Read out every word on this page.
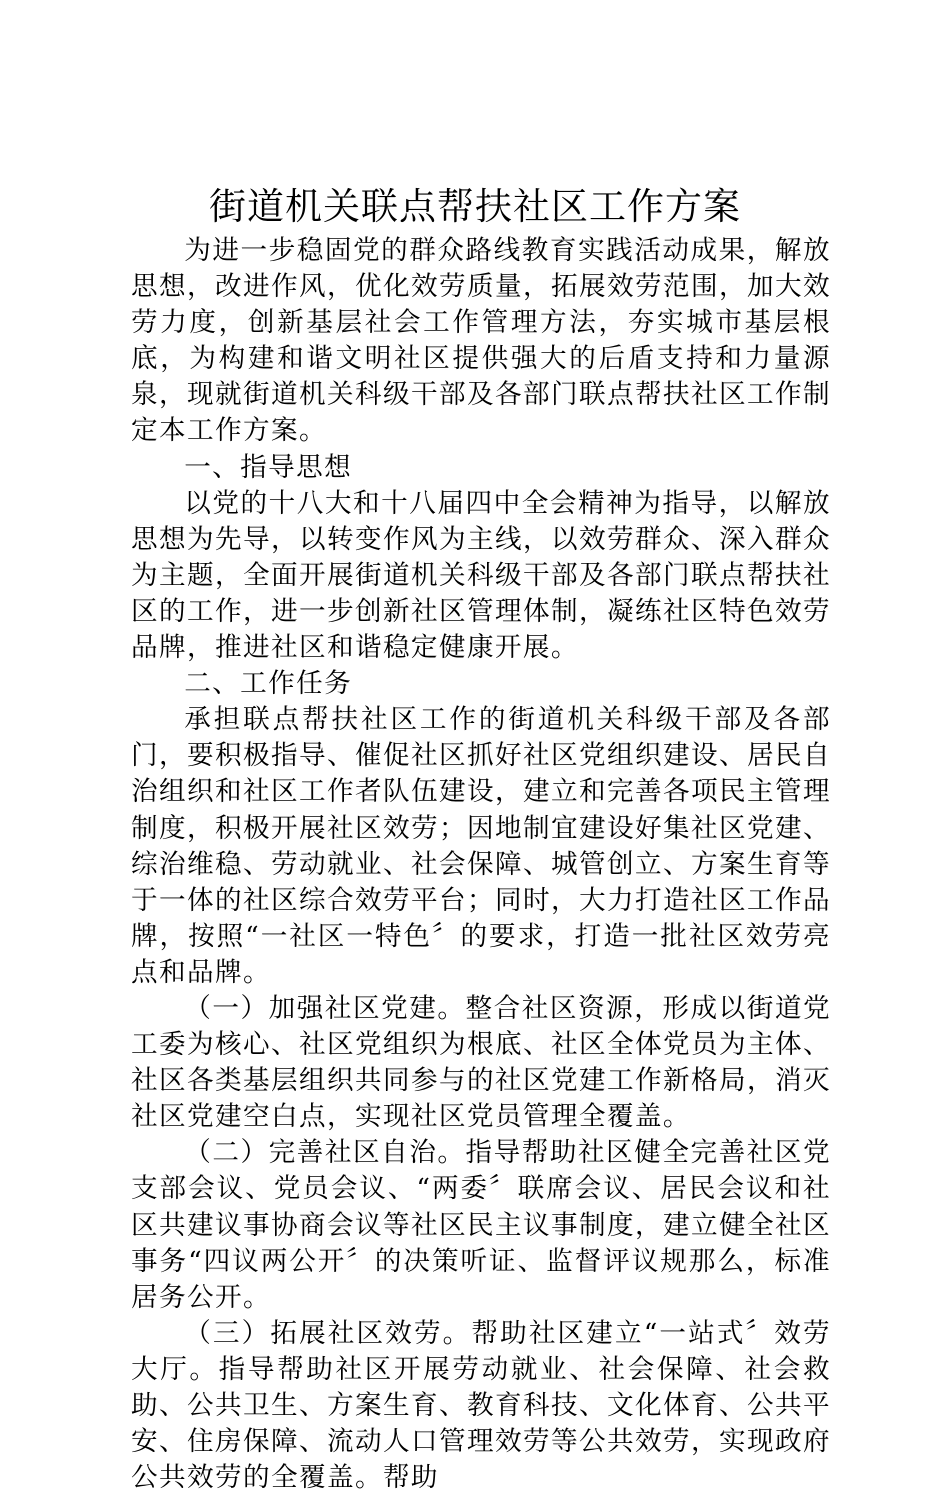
街道机关联点帮扶社区工作方案

为进一步稳固党的群众路线教育实践活动成果，解放思想，改进作风，优化效劳质量，拓展效劳范围，加大效劳力度，创新基层社会工作管理方法，夯实城市基层根底，为构建和谐文明社区提供强大的后盾支持和力量源泉，现就街道机关科级干部及各部门联点帮扶社区工作制定本工作方案。

一、指导思想

以党的十八大和十八届四中全会精神为指导，以解放思想为先导，以转变作风为主线，以效劳群众、深入群众为主题，全面开展街道机关科级干部及各部门联点帮扶社区的工作，进一步创新社区管理体制，凝练社区特色效劳品牌，推进社区和谐稳定健康开展。

二、工作任务

承担联点帮扶社区工作的街道机关科级干部及各部门，要积极指导、催促社区抓好社区党组织建设、居民自治组织和社区工作者队伍建设，建立和完善各项民主管理制度，积极开展社区效劳；因地制宜建设好集社区党建、综治维稳、劳动就业、社会保障、城管创立、方案生育等于一体的社区综合效劳平台；同时，大力打造社区工作品牌，按照“一社区一特色〞的要求，打造一批社区效劳亮点和品牌。

（一）加强社区党建。整合社区资源，形成以街道党工委为核心、社区党组织为根底、社区全体党员为主体、社区各类基层组织共同参与的社区党建工作新格局，消灭社区党建空白点，实现社区党员管理全覆盖。

（二）完善社区自治。指导帮助社区健全完善社区党支部会议、党员会议、“两委〞联席会议、居民会议和社区共建议事协商会议等社区民主议事制度，建立健全社区事务“四议两公开〞的决策听证、监督评议规那么，标准居务公开。

（三）拓展社区效劳。帮助社区建立“一站式〞效劳大厅。指导帮助社区开展劳动就业、社会保障、社会救助、公共卫生、方案生育、教育科技、文化体育、公共平安、住房保障、流动人口管理效劳等公共效劳，实现政府公共效劳的全覆盖。帮助
